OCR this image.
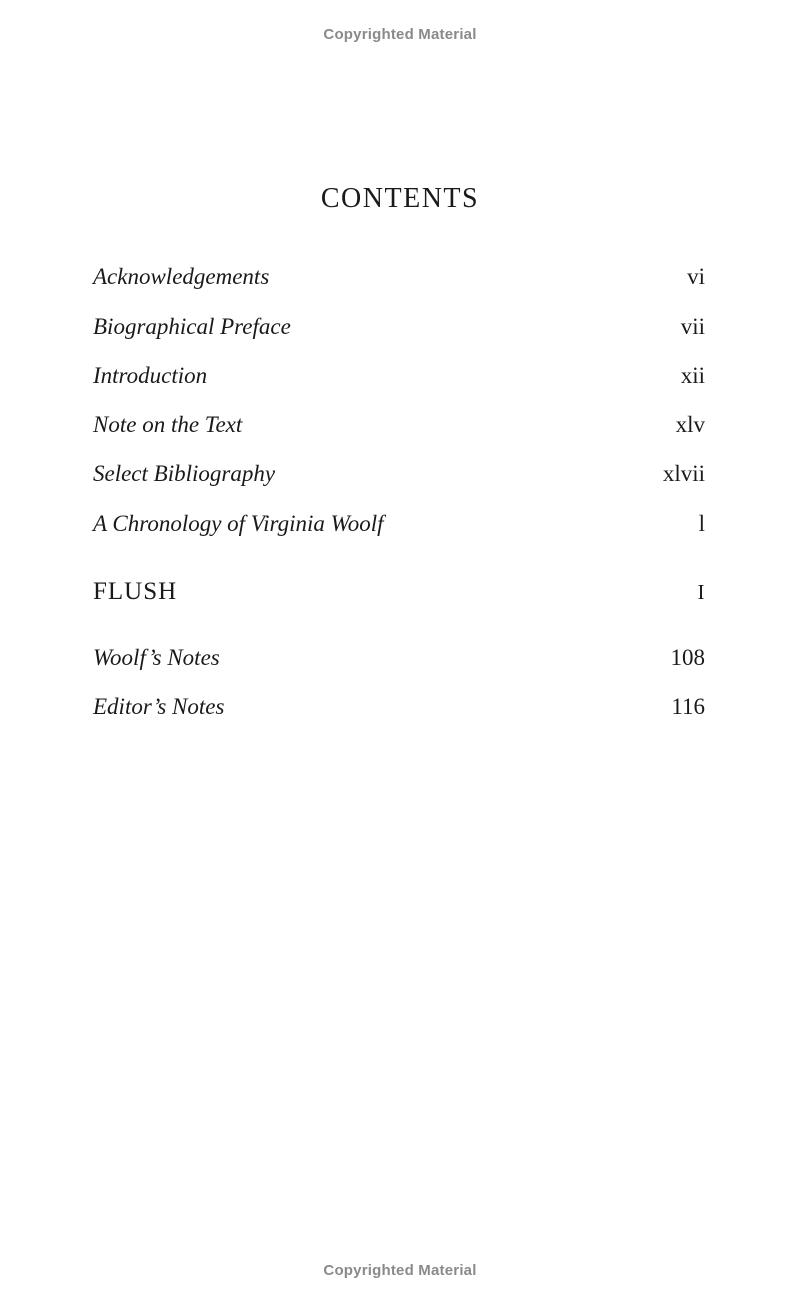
Copyrighted Material
CONTENTS
Acknowledgements	vi
Biographical Preface	vii
Introduction	xii
Note on the Text	xlv
Select Bibliography	xlvii
A Chronology of Virginia Woolf	l
FLUSH	I
Woolf’s Notes	108
Editor’s Notes	116
Copyrighted Material
